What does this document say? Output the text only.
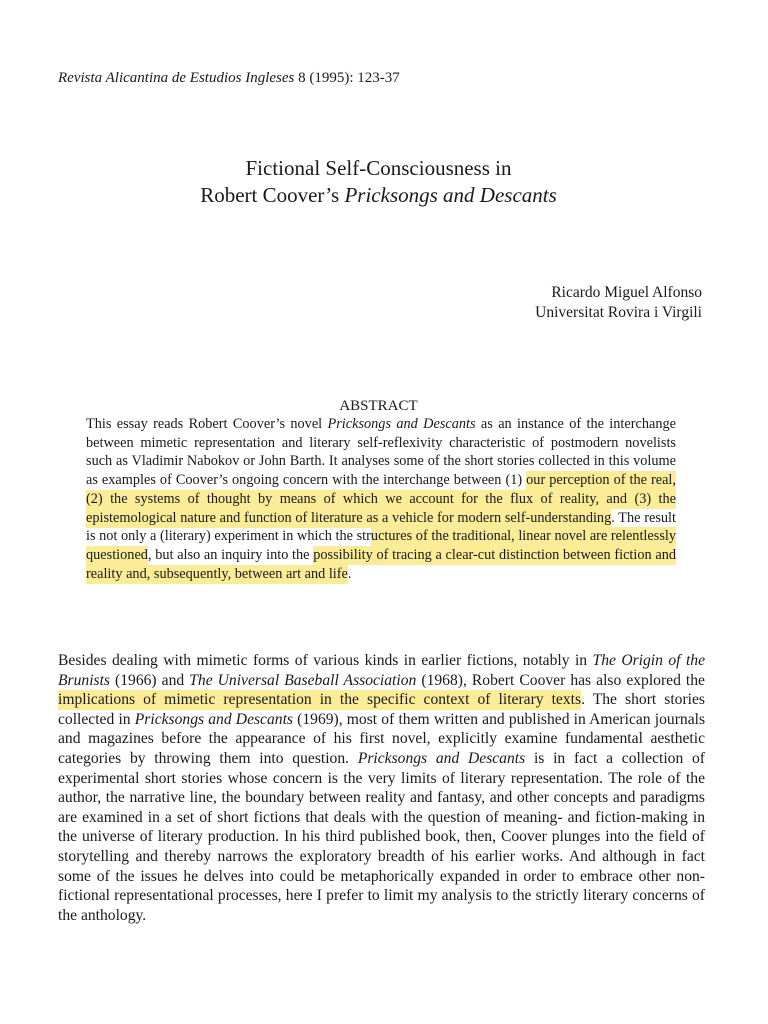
Revista Alicantina de Estudios Ingleses 8 (1995): 123-37
Fictional Self-Consciousness in
Robert Coover’s Pricksongs and Descants
Ricardo Miguel Alfonso
Universitat Rovira i Virgili
ABSTRACT
This essay reads Robert Coover’s novel Pricksongs and Descants as an instance of the interchange between mimetic representation and literary self-reflexivity characteristic of postmodern novelists such as Vladimir Nabokov or John Barth. It analyses some of the short stories collected in this volume as examples of Coover’s ongoing concern with the interchange between (1) our perception of the real, (2) the systems of thought by means of which we account for the flux of reality, and (3) the epistemological nature and function of literature as a vehicle for modern self-understanding. The result is not only a (literary) experiment in which the structures of the traditional, linear novel are relentlessly questioned, but also an inquiry into the possibility of tracing a clear-cut distinction between fiction and reality and, subsequently, between art and life.
Besides dealing with mimetic forms of various kinds in earlier fictions, notably in The Origin of the Brunists (1966) and The Universal Baseball Association (1968), Robert Coover has also explored the implications of mimetic representation in the specific context of literary texts. The short stories collected in Pricksongs and Descants (1969), most of them written and published in American journals and magazines before the appearance of his first novel, explicitly examine fundamental aesthetic categories by throwing them into question. Pricksongs and Descants is in fact a collection of experimental short stories whose concern is the very limits of literary representation. The role of the author, the narrative line, the boundary between reality and fantasy, and other concepts and paradigms are examined in a set of short fictions that deals with the question of meaning- and fiction-making in the universe of literary production. In his third published book, then, Coover plunges into the field of storytelling and thereby narrows the exploratory breadth of his earlier works. And although in fact some of the issues he delves into could be metaphorically expanded in order to embrace other non-fictional representational processes, here I prefer to limit my analysis to the strictly literary concerns of the anthology.
